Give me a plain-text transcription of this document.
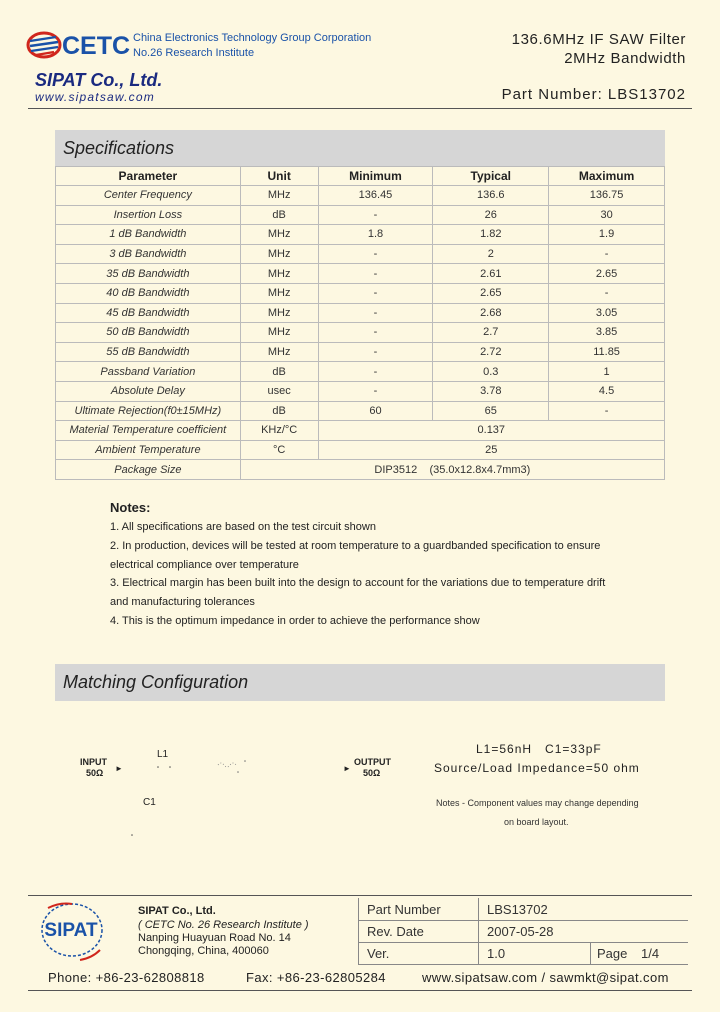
CETC China Electronics Technology Group Corporation
No.26 Research Institute
SIPAT Co., Ltd.
www.sipatsaw.com
136.6MHz IF SAW Filter
2MHz Bandwidth
Part Number: LBS13702
Specifications
Parameter	Unit	Minimum	Typical	Maximum
Center Frequency	MHz	136.45	136.6	136.75
Insertion Loss	dB	-	26	30
1 dB Bandwidth	MHz	1.8	1.82	1.9
3 dB Bandwidth	MHz	-	2	-
35 dB Bandwidth	MHz	-	2.61	2.65
40 dB Bandwidth	MHz	-	2.65	-
45 dB Bandwidth	MHz	-	2.68	3.05
50 dB Bandwidth	MHz	-	2.7	3.85
55 dB Bandwidth	MHz	-	2.72	11.85
Passband Variation	dB	-	0.3	1
Absolute Delay	usec	-	3.78	4.5
Ultimate Rejection(f0±15MHz)	dB	60	65	-
Material Temperature coefficient	KHz/°C	0.137		
Ambient Temperature	°C	25		
Package Size	DIP3512    (35.0x12.8x4.7mm3)			
Notes:
1. All specifications are based on the test circuit shown
2. In production, devices will be tested at room temperature to a guardbanded specification to ensure
electrical compliance over temperature
3. Electrical margin has been built into the design to account for the variations due to temperature drift
and manufacturing tolerances
4. This is the optimum impedance in order to achieve the performance show
Matching Configuration
INPUT
50Ω ►
L1
C1
►
OUTPUT
50Ω
L1=56nH   C1=33pF
Source/Load Impedance=50 ohm
Notes - Component values may change depending
on board layout.
SIPAT
SIPAT Co., Ltd.
( CETC No. 26 Research Institute )
Nanping Huayuan Road No. 14
Chongqing, China, 400060
Part Number	LBS13702
Rev. Date	2007-05-28
Ver.	1.0	Page 1/4
Phone: +86-23-62808818	Fax: +86-23-62805284	www.sipatsaw.com / sawmkt@sipat.com
